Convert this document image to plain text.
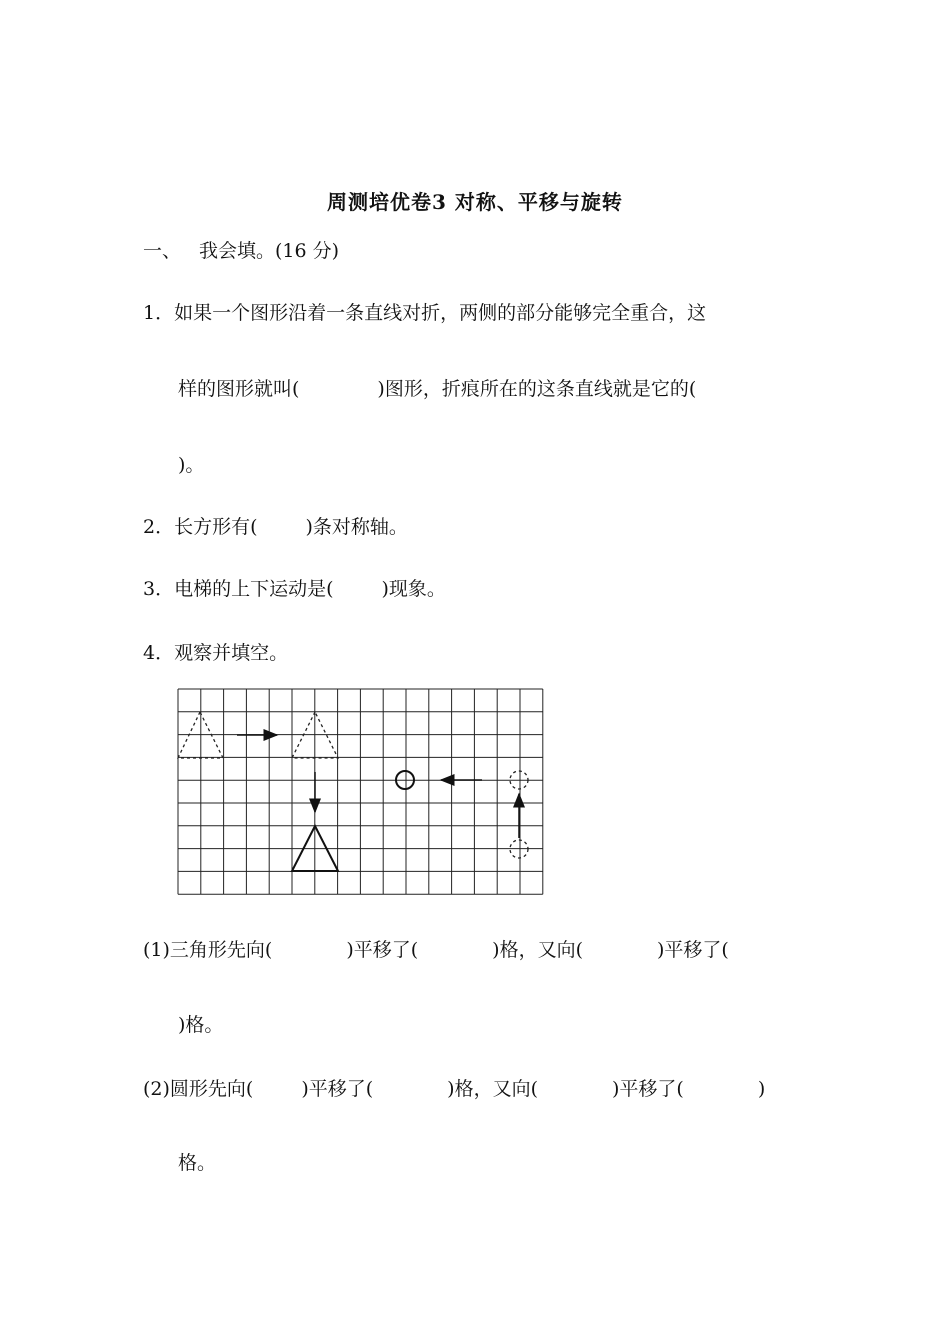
周测培优卷3 对称、平移与旋转
一、 我会填。(16 分)
1．如果一个图形沿着一条直线对折，两侧的部分能够完全重合，这
样的图形就叫(	)图形，折痕所在的这条直线就是它的(
)。
2．长方形有(	)条对称轴。
3．电梯的上下运动是(	)现象。
4．观察并填空。
(1)三角形先向(	)平移了(	)格，又向(	)平移了(
)格。
(2)圆形先向(	)平移了(	)格，又向(	)平移了(	)
格。
